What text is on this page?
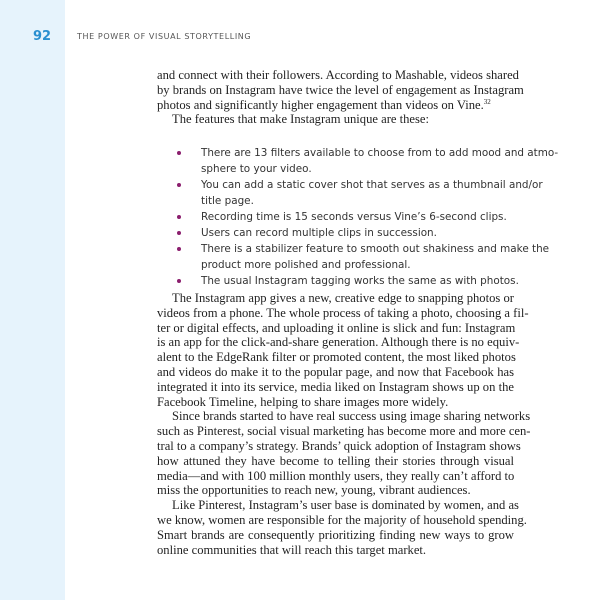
92	THE POWER OF VISUAL STORYTELLING
and connect with their followers. According to Mashable, videos shared
by brands on Instagram have twice the level of engagement as Instagram
photos and significantly higher engagement than videos on Vine.$^{32}$
The features that make Instagram unique are these:
There are 13 filters available to choose from to add mood and atmo-
sphere to your video.
You can add a static cover shot that serves as a thumbnail and/or
title page.
Recording time is 15 seconds versus Vine’s 6-second clips.
Users can record multiple clips in succession.
There is a stabilizer feature to smooth out shakiness and make the
product more polished and professional.
The usual Instagram tagging works the same as with photos.
The Instagram app gives a new, creative edge to snapping photos or
videos from a phone. The whole process of taking a photo, choosing a fil-
ter or digital effects, and uploading it online is slick and fun: Instagram
is an app for the click-and-share generation. Although there is no equiv-
alent to the EdgeRank filter or promoted content, the most liked photos
and videos do make it to the popular page, and now that Facebook has
integrated it into its service, media liked on Instagram shows up on the
Facebook Timeline, helping to share images more widely.
Since brands started to have real success using image sharing networks
such as Pinterest, social visual marketing has become more and more cen-
tral to a company’s strategy. Brands’ quick adoption of Instagram shows
how attuned they have become to telling their stories through visual
media—and with 100 million monthly users, they really can’t afford to
miss the opportunities to reach new, young, vibrant audiences.
Like Pinterest, Instagram’s user base is dominated by women, and as
we know, women are responsible for the majority of household spending.
Smart brands are consequently prioritizing finding new ways to grow
online communities that will reach this target market.
